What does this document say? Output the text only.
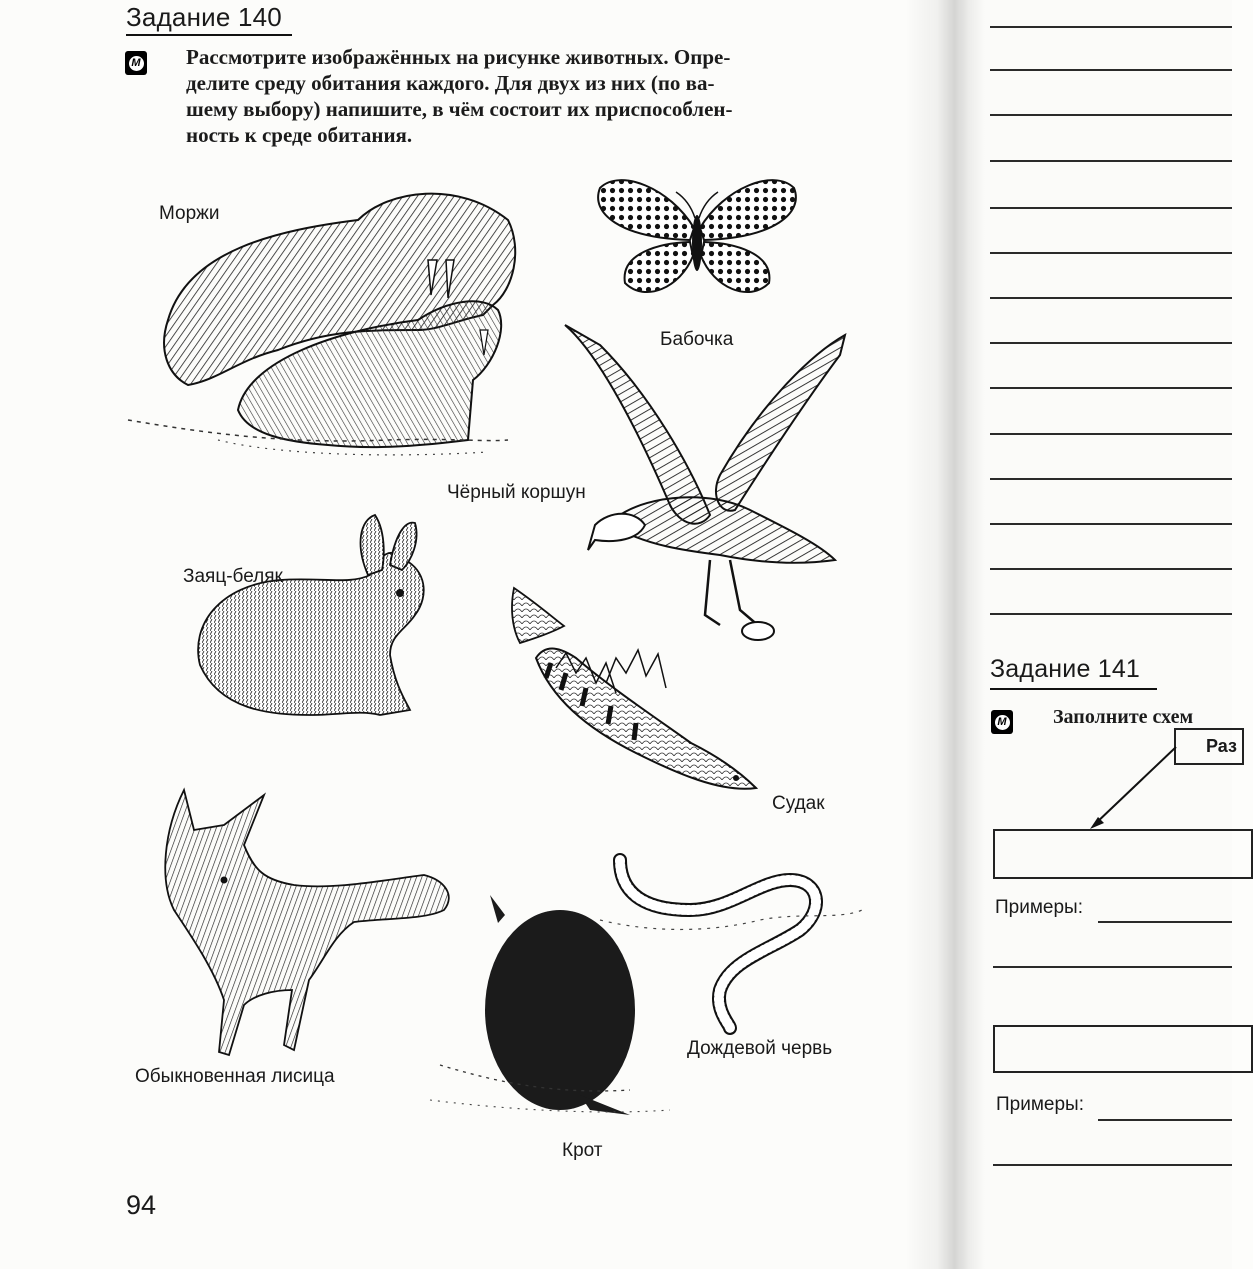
Задание 140
М Рассмотрите изображённых на рисунке животных. Опре-
делите среду обитания каждого. Для двух из них (по ва-
шему выбору) напишите, в чём состоит их приспособлен-
ность к среде обитания.
Моржи
Бабочка
Чёрный коршун
Заяц-беляк
Судак
Обыкновенная лисица
Крот
Дождевой червь
94
Задание 141
М Заполните схем
Раз
Примеры:
Примеры:
